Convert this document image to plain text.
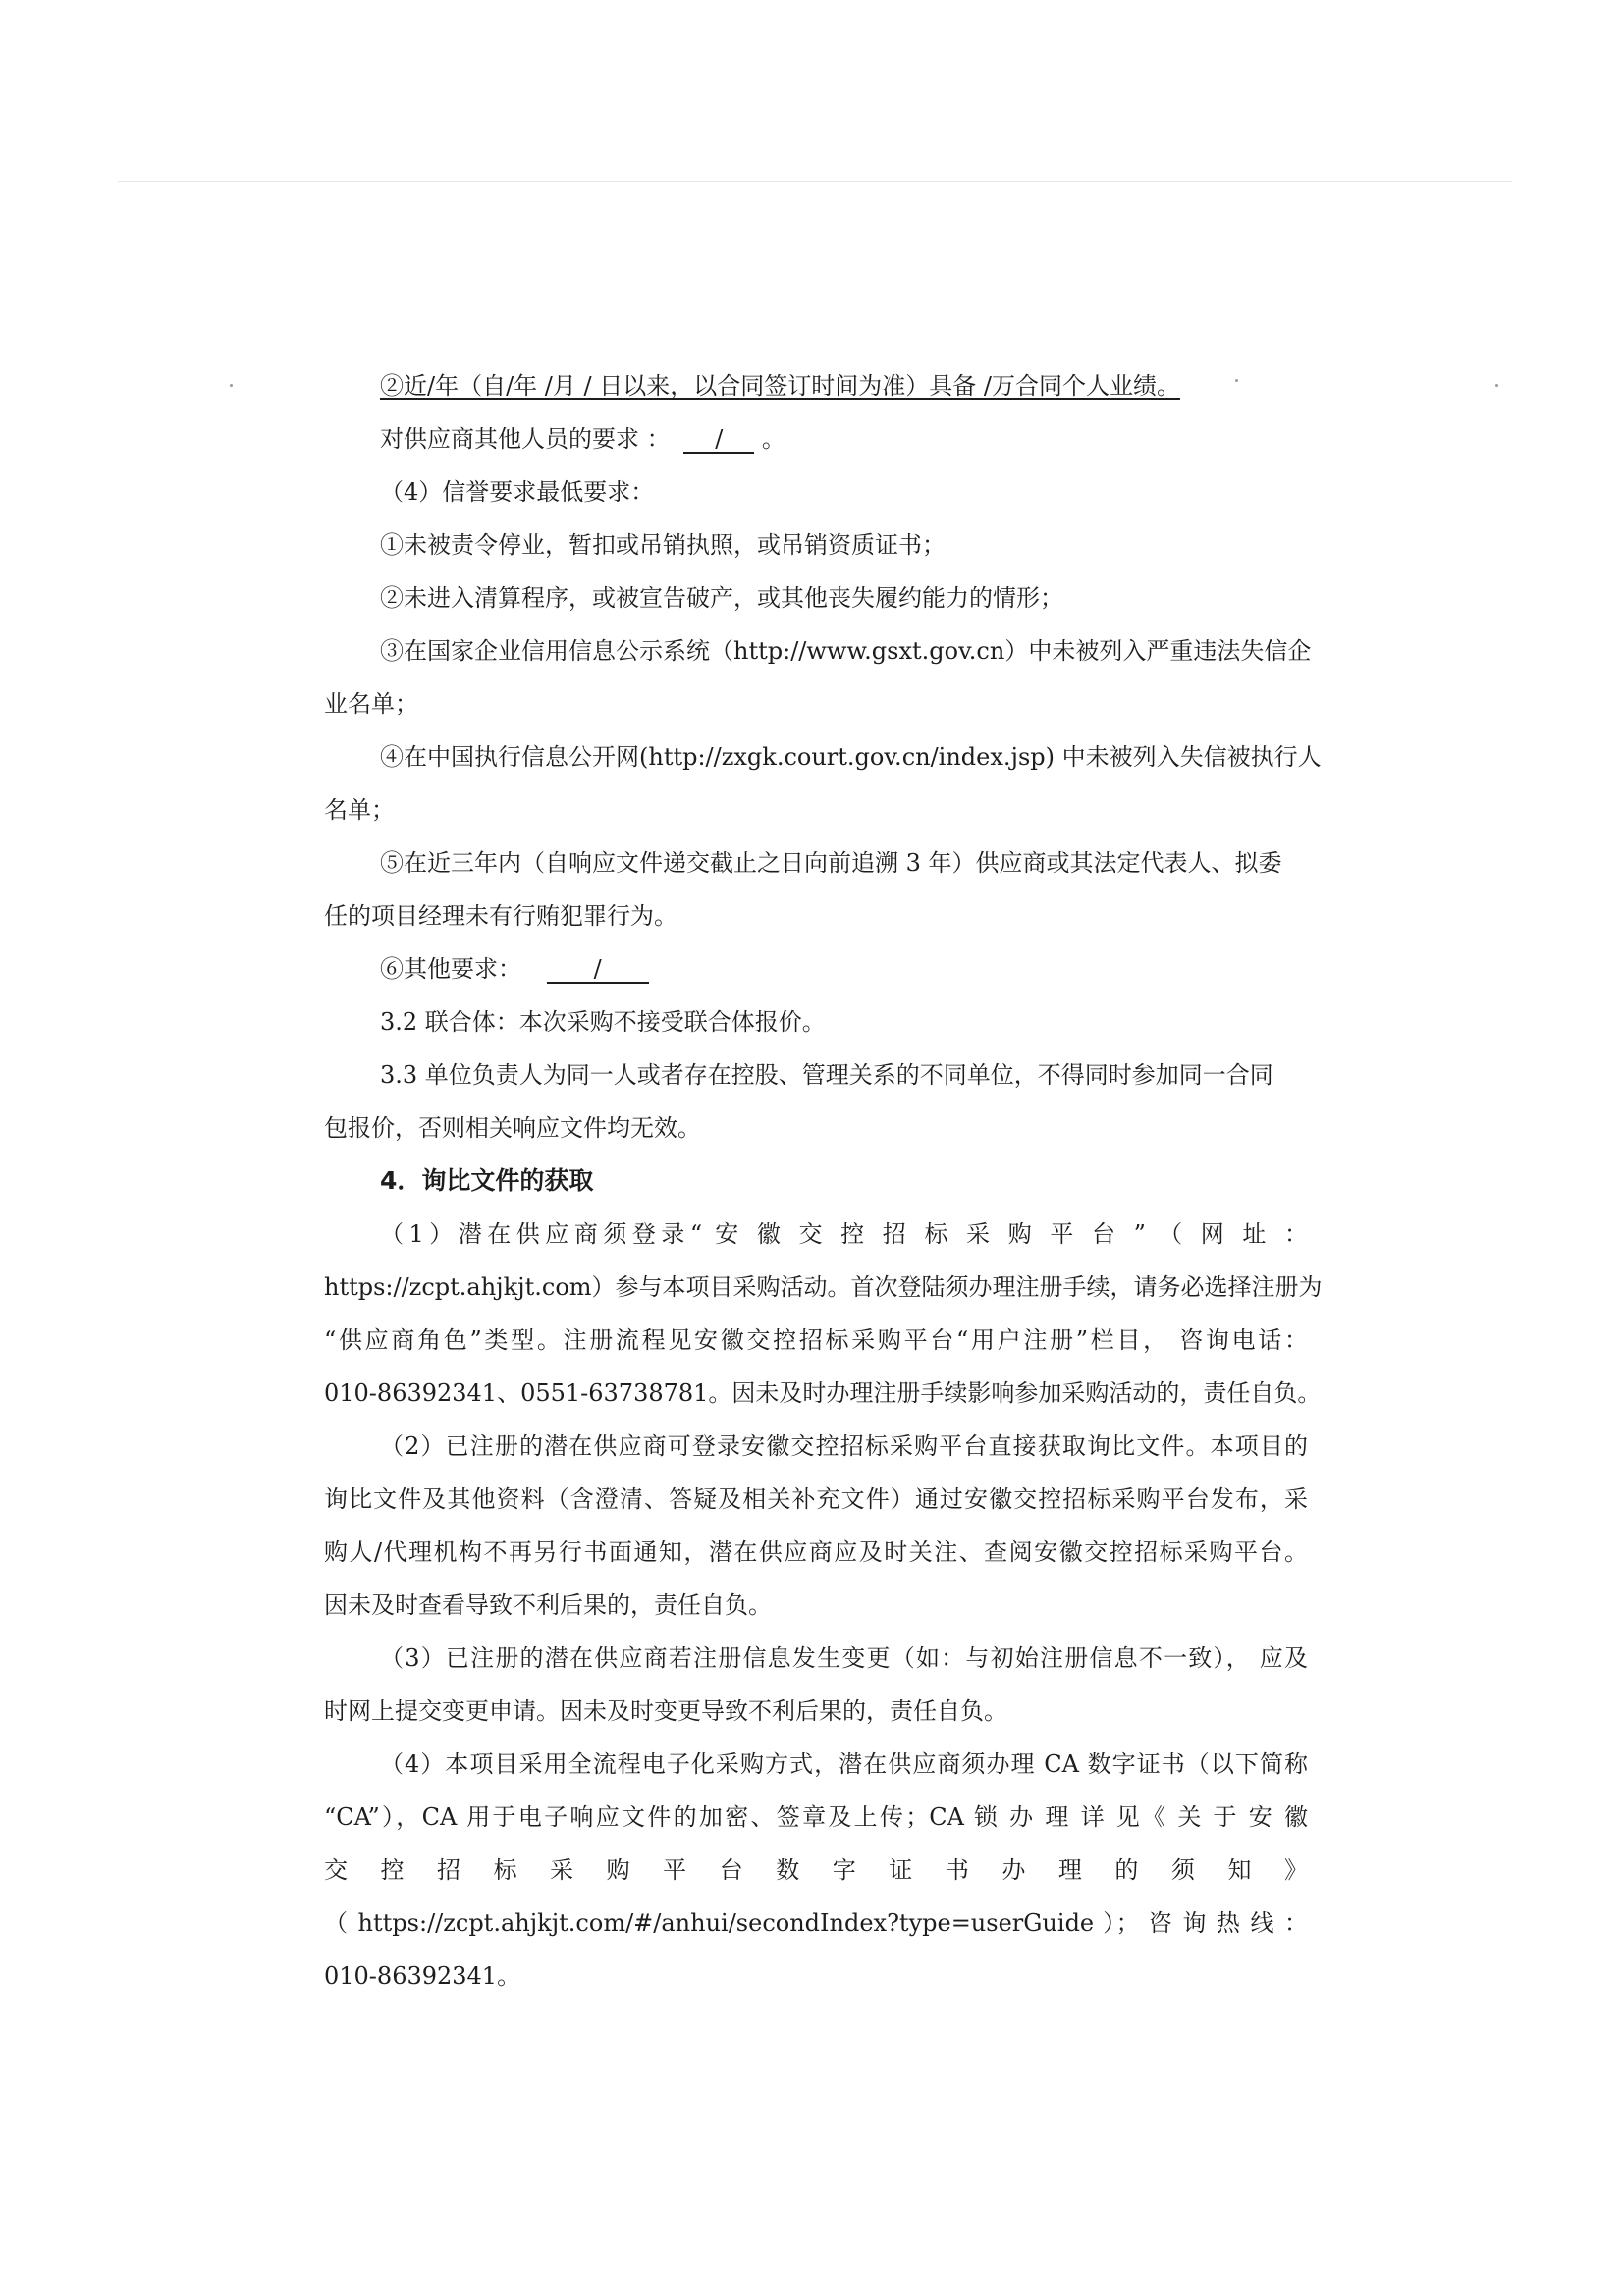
②近/年（自/年 /月 / 日以来，以合同签订时间为准）具备 /万合同个人业绩。
对供应商其他人员的要求 ： / 。
（4）信誉要求最低要求：
①未被责令停业，暂扣或吊销执照，或吊销资质证书；
②未进入清算程序，或被宣告破产，或其他丧失履约能力的情形；
③在国家企业信用信息公示系统（http://www.gsxt.gov.cn）中未被列入严重违法失信企
业名单；
④在中国执行信息公开网(http://zxgk.court.gov.cn/index.jsp) 中未被列入失信被执行人
名单；
⑤在近三年内（自响应文件递交截止之日向前追溯 3 年）供应商或其法定代表人、拟委
任的项目经理未有行贿犯罪行为。
⑥其他要求：	/
3.2 联合体：本次采购不接受联合体报价。
3.3 单位负责人为同一人或者存在控股、管理关系的不同单位，不得同时参加同一合同
包报价，否则相关响应文件均无效。
4．询比文件的获取
（1）潜在供应商须登录“ 安 徽 交 控 招 标 采 购 平 台 ” （ 网 址 ：
https://zcpt.ahjkjt.com）参与本项目采购活动。首次登陆须办理注册手续，请务必选择注册为
“供应商角色”类型。注册流程见安徽交控招标采购平台“用户注册”栏目， 咨询电话：
010-86392341、0551-63738781。因未及时办理注册手续影响参加采购活动的，责任自负。
（2）已注册的潜在供应商可登录安徽交控招标采购平台直接获取询比文件。本项目的
询比文件及其他资料（含澄清、答疑及相关补充文件）通过安徽交控招标采购平台发布，采
购人/代理机构不再另行书面通知，潜在供应商应及时关注、查阅安徽交控招标采购平台。
因未及时查看导致不利后果的，责任自负。
（3）已注册的潜在供应商若注册信息发生变更（如：与初始注册信息不一致）， 应及
时网上提交变更申请。因未及时变更导致不利后果的，责任自负。
（4）本项目采用全流程电子化采购方式，潜在供应商须办理 CA 数字证书（以下简称
“CA”），CA 用于电子响应文件的加密、签章及上传；CA 锁 办 理 详 见《 关 于 安 徽
交 控 招 标 采 购 平 台 数 字 证 书 办 理 的 须 知 》
（ https://zcpt.ahjkjt.com/#/anhui/secondIndex?type=userGuide ）； 咨 询 热 线 ：
010-86392341。
